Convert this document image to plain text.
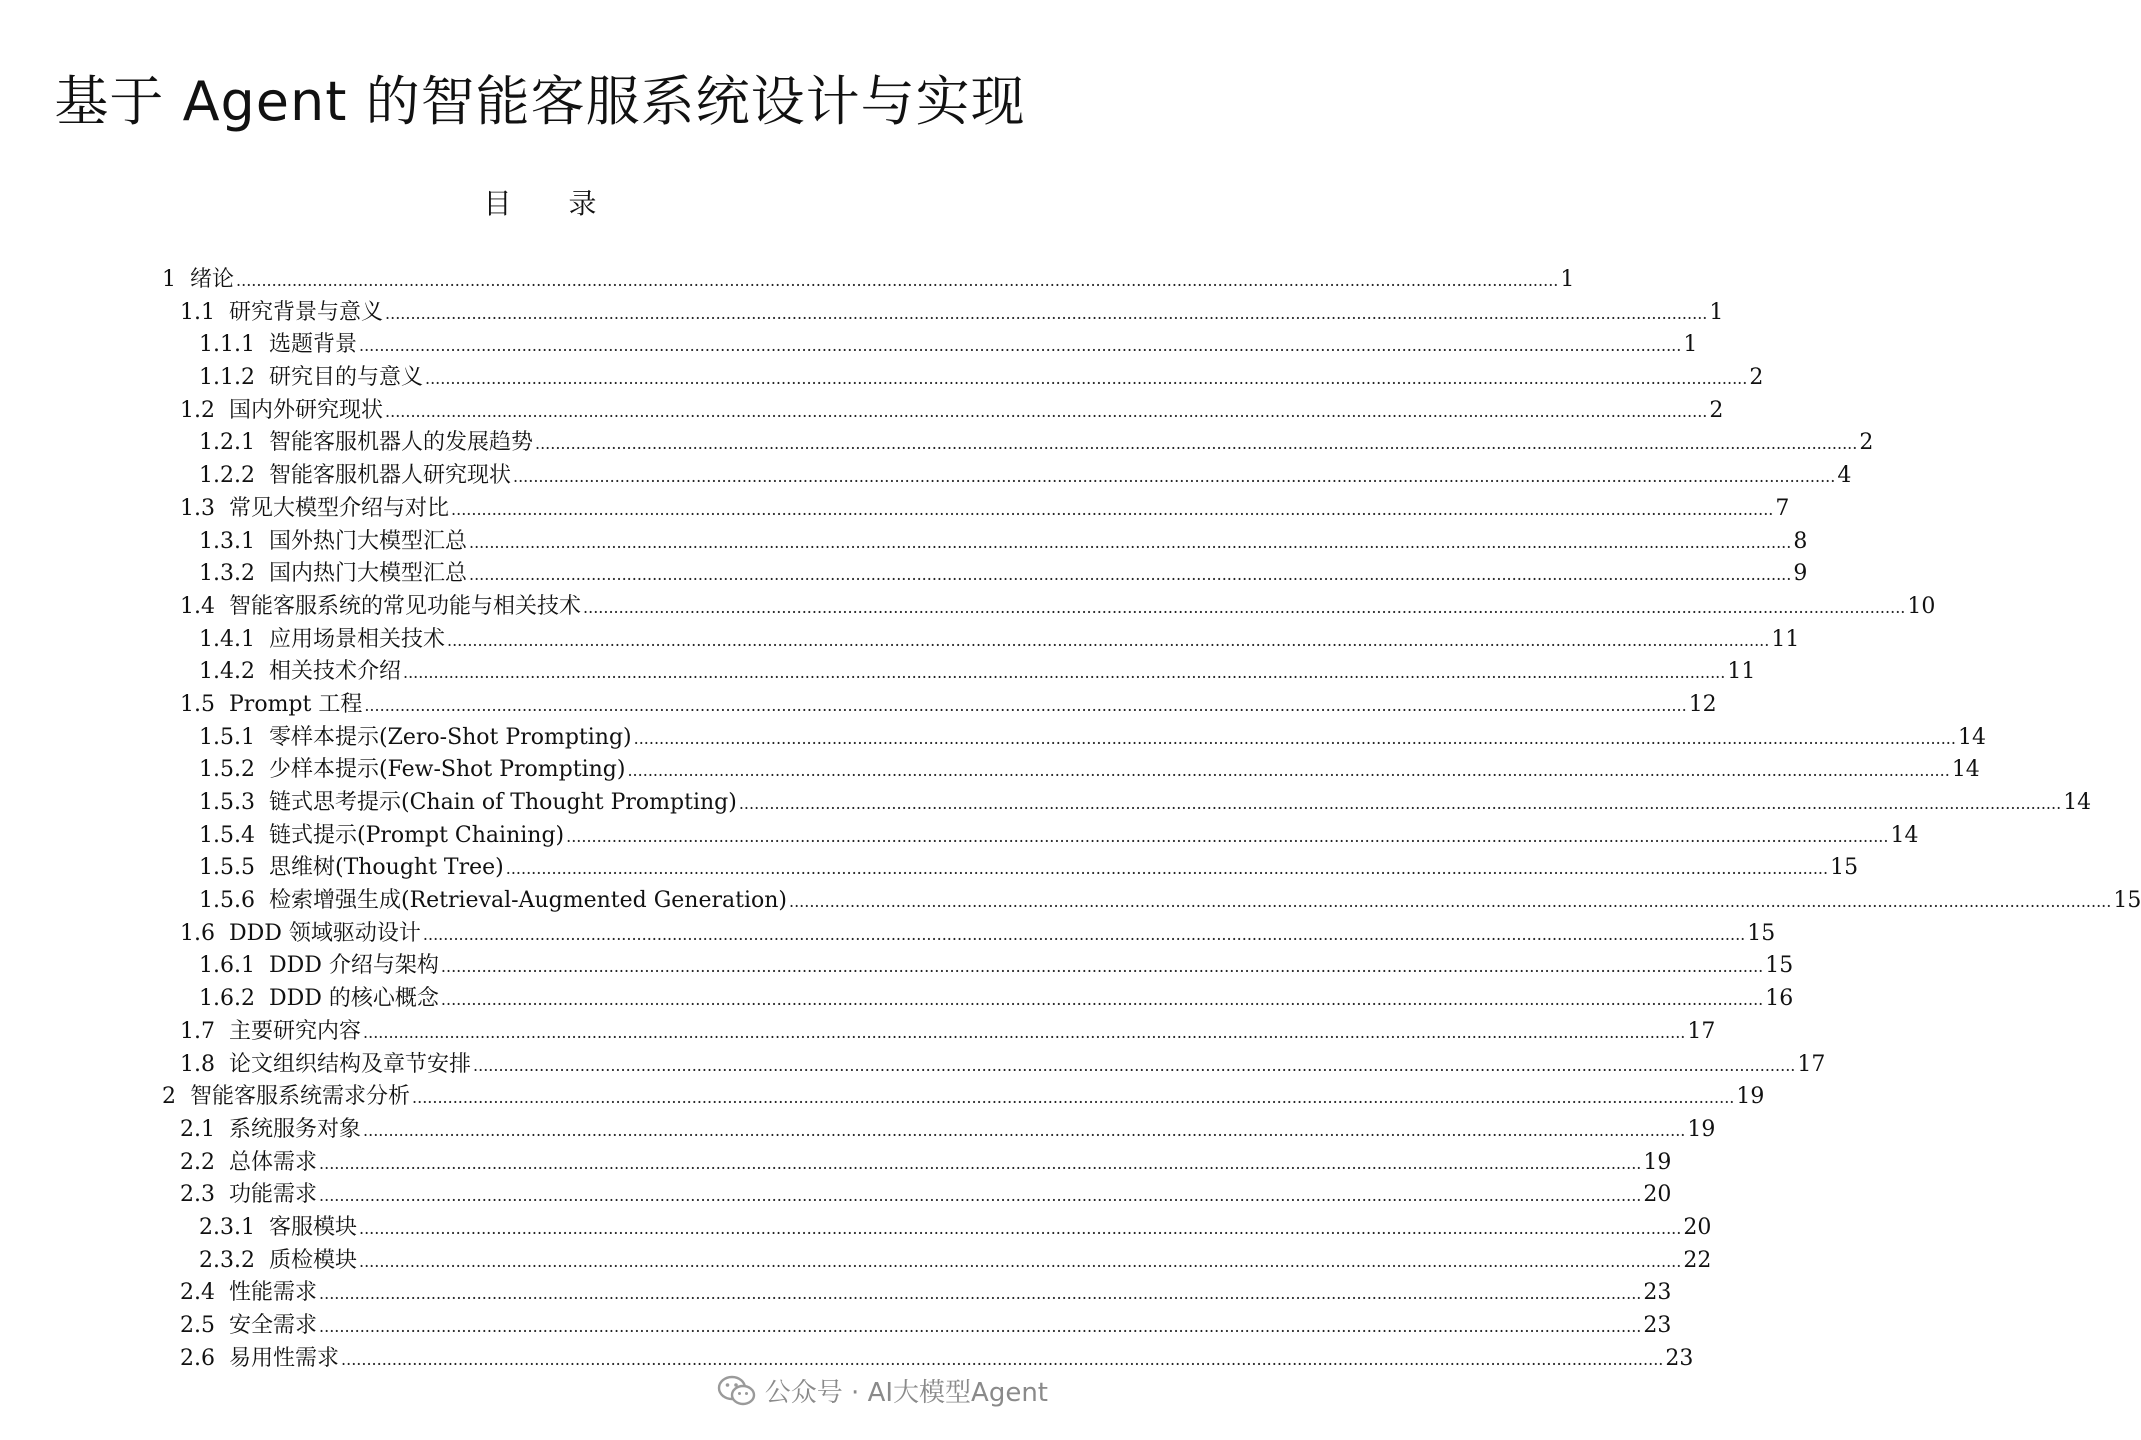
基于 Agent 的智能客服系统设计与实现
目 录
1
绪论 .................................................................................................................................................................................................................................................................... 1
1.1
研究背景与意义 .................................................................................................................................................................................................................................................................... 1
1.1.1
选题背景 .................................................................................................................................................................................................................................................................... 1
1.1.2
研究目的与意义 .................................................................................................................................................................................................................................................................... 2
1.2
国内外研究现状 .................................................................................................................................................................................................................................................................... 2
1.2.1
智能客服机器人的发展趋势 .................................................................................................................................................................................................................................................................... 2
1.2.2
智能客服机器人研究现状 .................................................................................................................................................................................................................................................................... 4
1.3
常见大模型介绍与对比 .................................................................................................................................................................................................................................................................... 7
1.3.1
国外热门大模型汇总 .................................................................................................................................................................................................................................................................... 8
1.3.2
国内热门大模型汇总 .................................................................................................................................................................................................................................................................... 9
1.4
智能客服系统的常见功能与相关技术 .................................................................................................................................................................................................................................................................... 10
1.4.1
应用场景相关技术 .................................................................................................................................................................................................................................................................... 11
1.4.2
相关技术介绍 .................................................................................................................................................................................................................................................................... 11
1.5
Prompt 工程 .................................................................................................................................................................................................................................................................... 12
1.5.1
零样本提示(Zero-Shot Prompting) .................................................................................................................................................................................................................................................................... 14
1.5.2
少样本提示(Few-Shot Prompting) .................................................................................................................................................................................................................................................................... 14
1.5.3
链式思考提示(Chain of Thought Prompting) .................................................................................................................................................................................................................................................................... 14
1.5.4
链式提示(Prompt Chaining) .................................................................................................................................................................................................................................................................... 14
1.5.5
思维树(Thought Tree) .................................................................................................................................................................................................................................................................... 15
1.5.6
检索增强生成(Retrieval-Augmented Generation) .................................................................................................................................................................................................................................................................... 15
1.6
DDD 领域驱动设计 .................................................................................................................................................................................................................................................................... 15
1.6.1
DDD 介绍与架构 .................................................................................................................................................................................................................................................................... 15
1.6.2
DDD 的核心概念 .................................................................................................................................................................................................................................................................... 16
1.7
主要研究内容 .................................................................................................................................................................................................................................................................... 17
1.8
论文组织结构及章节安排 .................................................................................................................................................................................................................................................................... 17
2
智能客服系统需求分析 .................................................................................................................................................................................................................................................................... 19
2.1
系统服务对象 .................................................................................................................................................................................................................................................................... 19
2.2
总体需求 .................................................................................................................................................................................................................................................................... 19
2.3
功能需求 .................................................................................................................................................................................................................................................................... 20
2.3.1
客服模块 .................................................................................................................................................................................................................................................................... 20
2.3.2
质检模块 .................................................................................................................................................................................................................................................................... 22
2.4
性能需求 .................................................................................................................................................................................................................................................................... 23
2.5
安全需求 .................................................................................................................................................................................................................................................................... 23
2.6
易用性需求 .................................................................................................................................................................................................................................................................... 23
公众号 · AI大模型Agent
